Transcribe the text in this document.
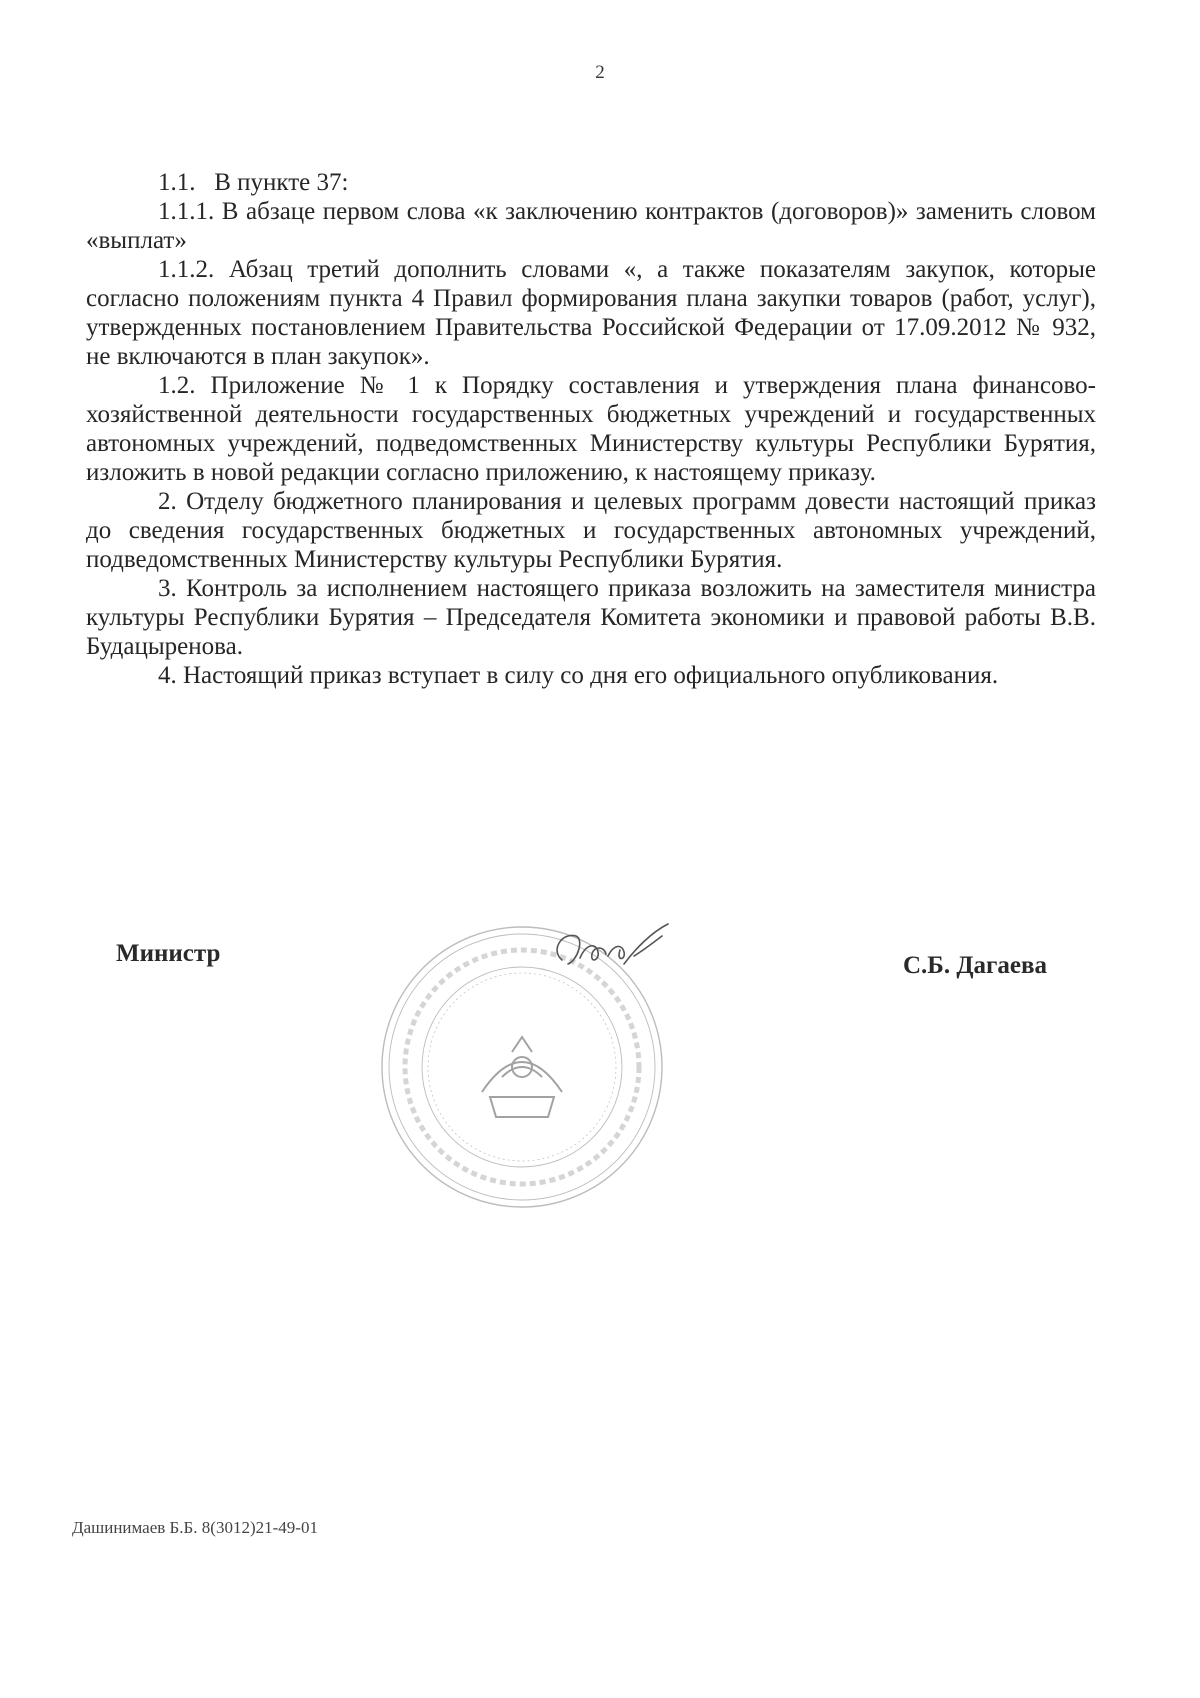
2

1.1.   В пункте 37:

1.1.1. В абзаце первом слова «к заключению контрактов (договоров)» заменить словом «выплат»

1.1.2. Абзац третий дополнить словами «, а также показателям закупок, которые согласно положениям пункта 4 Правил формирования плана закупки товаров (работ, услуг), утвержденных постановлением Правительства Российской Федерации от 17.09.2012 № 932, не включаются в план закупок».

1.2. Приложение № 1 к Порядку составления и утверждения плана финансово-хозяйственной деятельности государственных бюджетных учреждений и государственных автономных учреждений, подведомственных Министерству культуры Республики Бурятия, изложить в новой редакции согласно приложению, к настоящему приказу.

2. Отделу бюджетного планирования и целевых программ довести настоящий приказ до сведения государственных бюджетных и государственных автономных учреждений, подведомственных Министерству культуры Республики Бурятия.

3. Контроль за исполнением настоящего приказа возложить на заместителя министра культуры Республики Бурятия – Председателя Комитета экономики и правовой работы В.В. Будацыренова.

4. Настоящий приказ вступает в силу со дня его официального опубликования.

Министр	С.Б. Дагаева
Дашинимаев Б.Б. 8(3012)21-49-01
